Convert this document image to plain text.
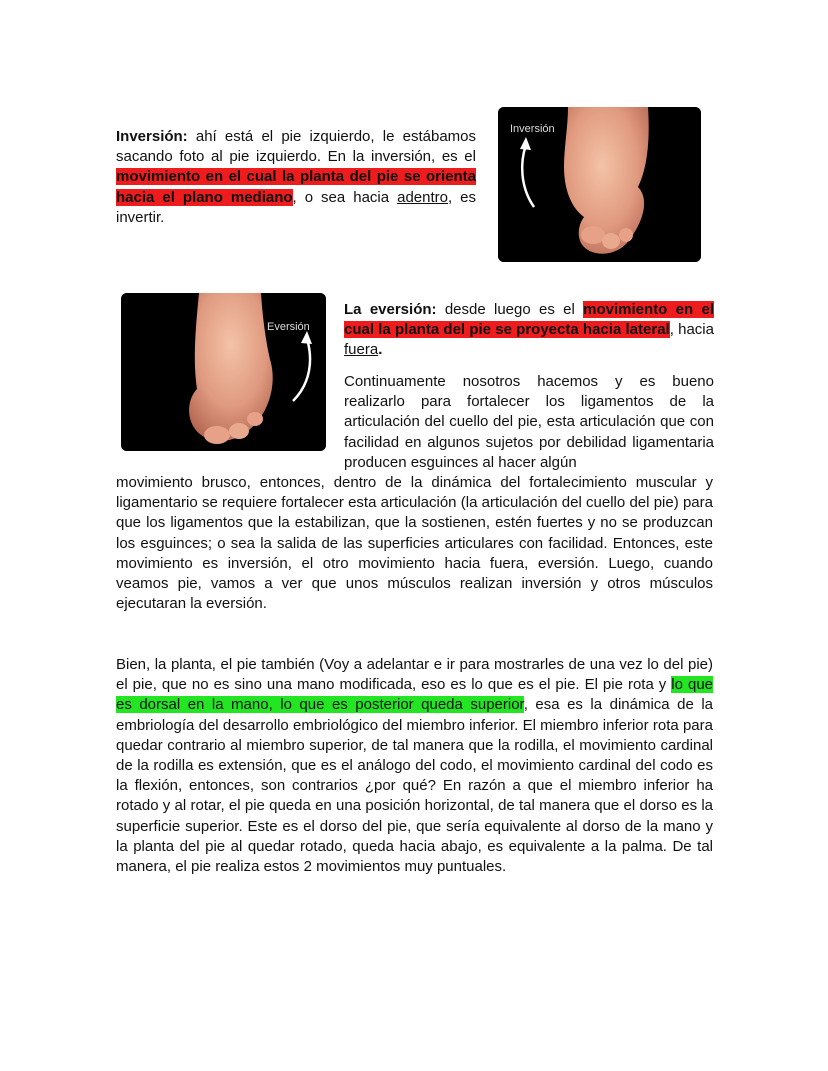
Inversión: ahí está el pie izquierdo, le estábamos sacando foto al pie izquierdo. En la inversión, es el movimiento en el cual la planta del pie se orienta hacia el plano mediano, o sea hacia adentro, es invertir.

Inversión
Eversión

La eversión: desde luego es el movimiento en el cual la planta del pie se proyecta hacia lateral, hacia fuera.

Continuamente nosotros hacemos y es bueno realizarlo para fortalecer los ligamentos de la articulación del cuello del pie, esta articulación que con facilidad en algunos sujetos por debilidad ligamentaria producen esguinces al hacer algún

movimiento brusco, entonces, dentro de la dinámica del fortalecimiento muscular y ligamentario se requiere fortalecer esta articulación (la articulación del cuello del pie) para que los ligamentos que la estabilizan, que la sostienen, estén fuertes y no se produzcan los esguinces; o sea la salida de las superficies articulares con facilidad. Entonces, este movimiento es inversión, el otro movimiento hacia fuera, eversión. Luego, cuando veamos pie, vamos a ver que unos músculos realizan inversión y otros músculos ejecutaran la eversión.

Bien, la planta, el pie también (Voy a adelantar e ir para mostrarles de una vez lo del pie) el pie, que no es sino una mano modificada, eso es lo que es el pie. El pie rota y lo que es dorsal en la mano, lo que es posterior queda superior, esa es la dinámica de la embriología del desarrollo embriológico del miembro inferior. El miembro inferior rota para quedar contrario al miembro superior, de tal manera que la rodilla, el movimiento cardinal de la rodilla es extensión, que es el análogo del codo, el movimiento cardinal del codo es la flexión, entonces, son contrarios ¿por qué? En razón a que el miembro inferior ha rotado y al rotar, el pie queda en una posición horizontal, de tal manera que el dorso es la superficie superior. Este es el dorso del pie, que sería equivalente al dorso de la mano y la planta del pie al quedar rotado, queda hacia abajo, es equivalente a la palma. De tal manera, el pie realiza estos 2 movimientos muy puntuales.
